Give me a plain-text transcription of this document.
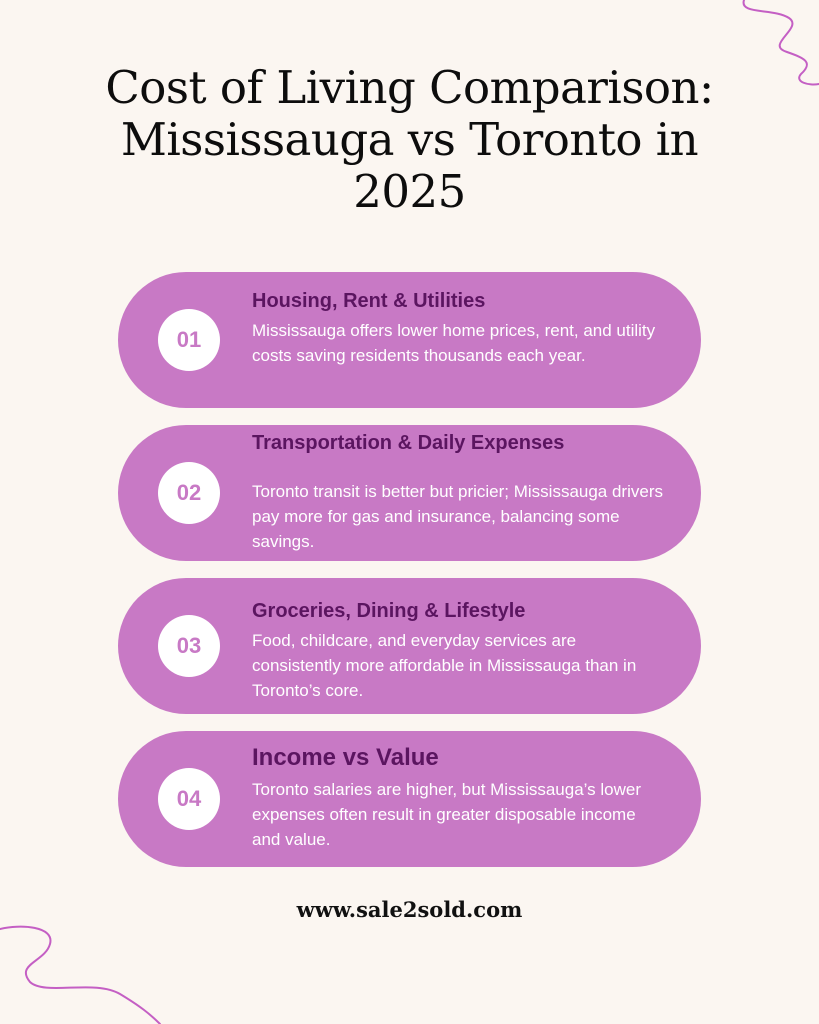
Cost of Living Comparison:
Mississauga vs Toronto in
2025
01
Housing, Rent & Utilities
Mississauga offers lower home prices, rent, and utility costs saving residents thousands each year.
02
Transportation & Daily Expenses
Toronto transit is better but pricier; Mississauga drivers pay more for gas and insurance, balancing some savings.
03
Groceries, Dining & Lifestyle
Food, childcare, and everyday services are consistently more affordable in Mississauga than in Toronto’s core.
04
Income vs Value
Toronto salaries are higher, but Mississauga’s lower expenses often result in greater disposable income and value.
www.sale2sold.com
